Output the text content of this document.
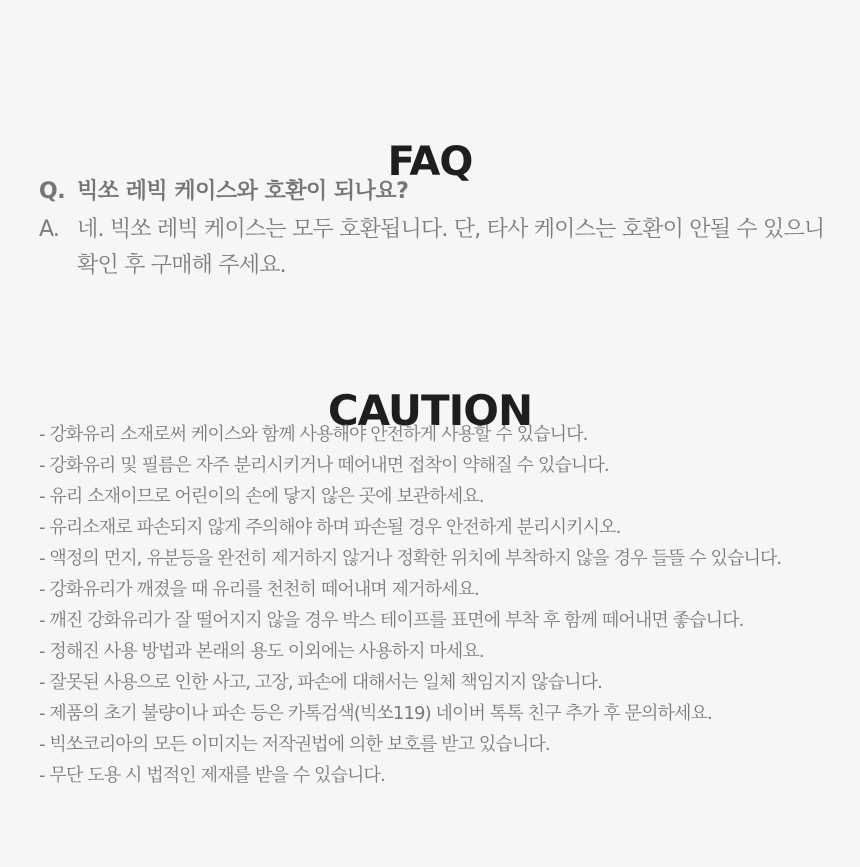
FAQ
Q. 빅쏘 레빅 케이스와 호환이 되나요?
A. 네. 빅쏘 레빅 케이스는 모두 호환됩니다. 단, 타사 케이스는 호환이 안될 수 있으니 확인 후 구매해 주세요.
CAUTION
- 강화유리 소재로써 케이스와 함께 사용해야 안전하게 사용할 수 있습니다.
- 강화유리 및 필름은 자주 분리시키거나 떼어내면 접착이 약해질 수 있습니다.
- 유리 소재이므로 어린이의 손에 닿지 않은 곳에 보관하세요.
- 유리소재로 파손되지 않게 주의해야 하며 파손될 경우 안전하게 분리시키시오.
- 액정의 먼지, 유분등을 완전히 제거하지 않거나 정확한 위치에 부착하지 않을 경우 들뜰 수 있습니다.
- 강화유리가 깨졌을 때 유리를 천천히 떼어내며 제거하세요.
- 깨진 강화유리가 잘 떨어지지 않을 경우 박스 테이프를 표면에 부착 후 함께 떼어내면 좋습니다.
- 정해진 사용 방법과 본래의 용도 이외에는 사용하지 마세요.
- 잘못된 사용으로 인한 사고, 고장, 파손에 대해서는 일체 책임지지 않습니다.
- 제품의 초기 불량이나 파손 등은 카톡검색(빅쏘119) 네이버 톡톡 친구 추가 후 문의하세요.
- 빅쏘코리아의 모든 이미지는 저작권법에 의한 보호를 받고 있습니다.
- 무단 도용 시 법적인 제재를 받을 수 있습니다.
